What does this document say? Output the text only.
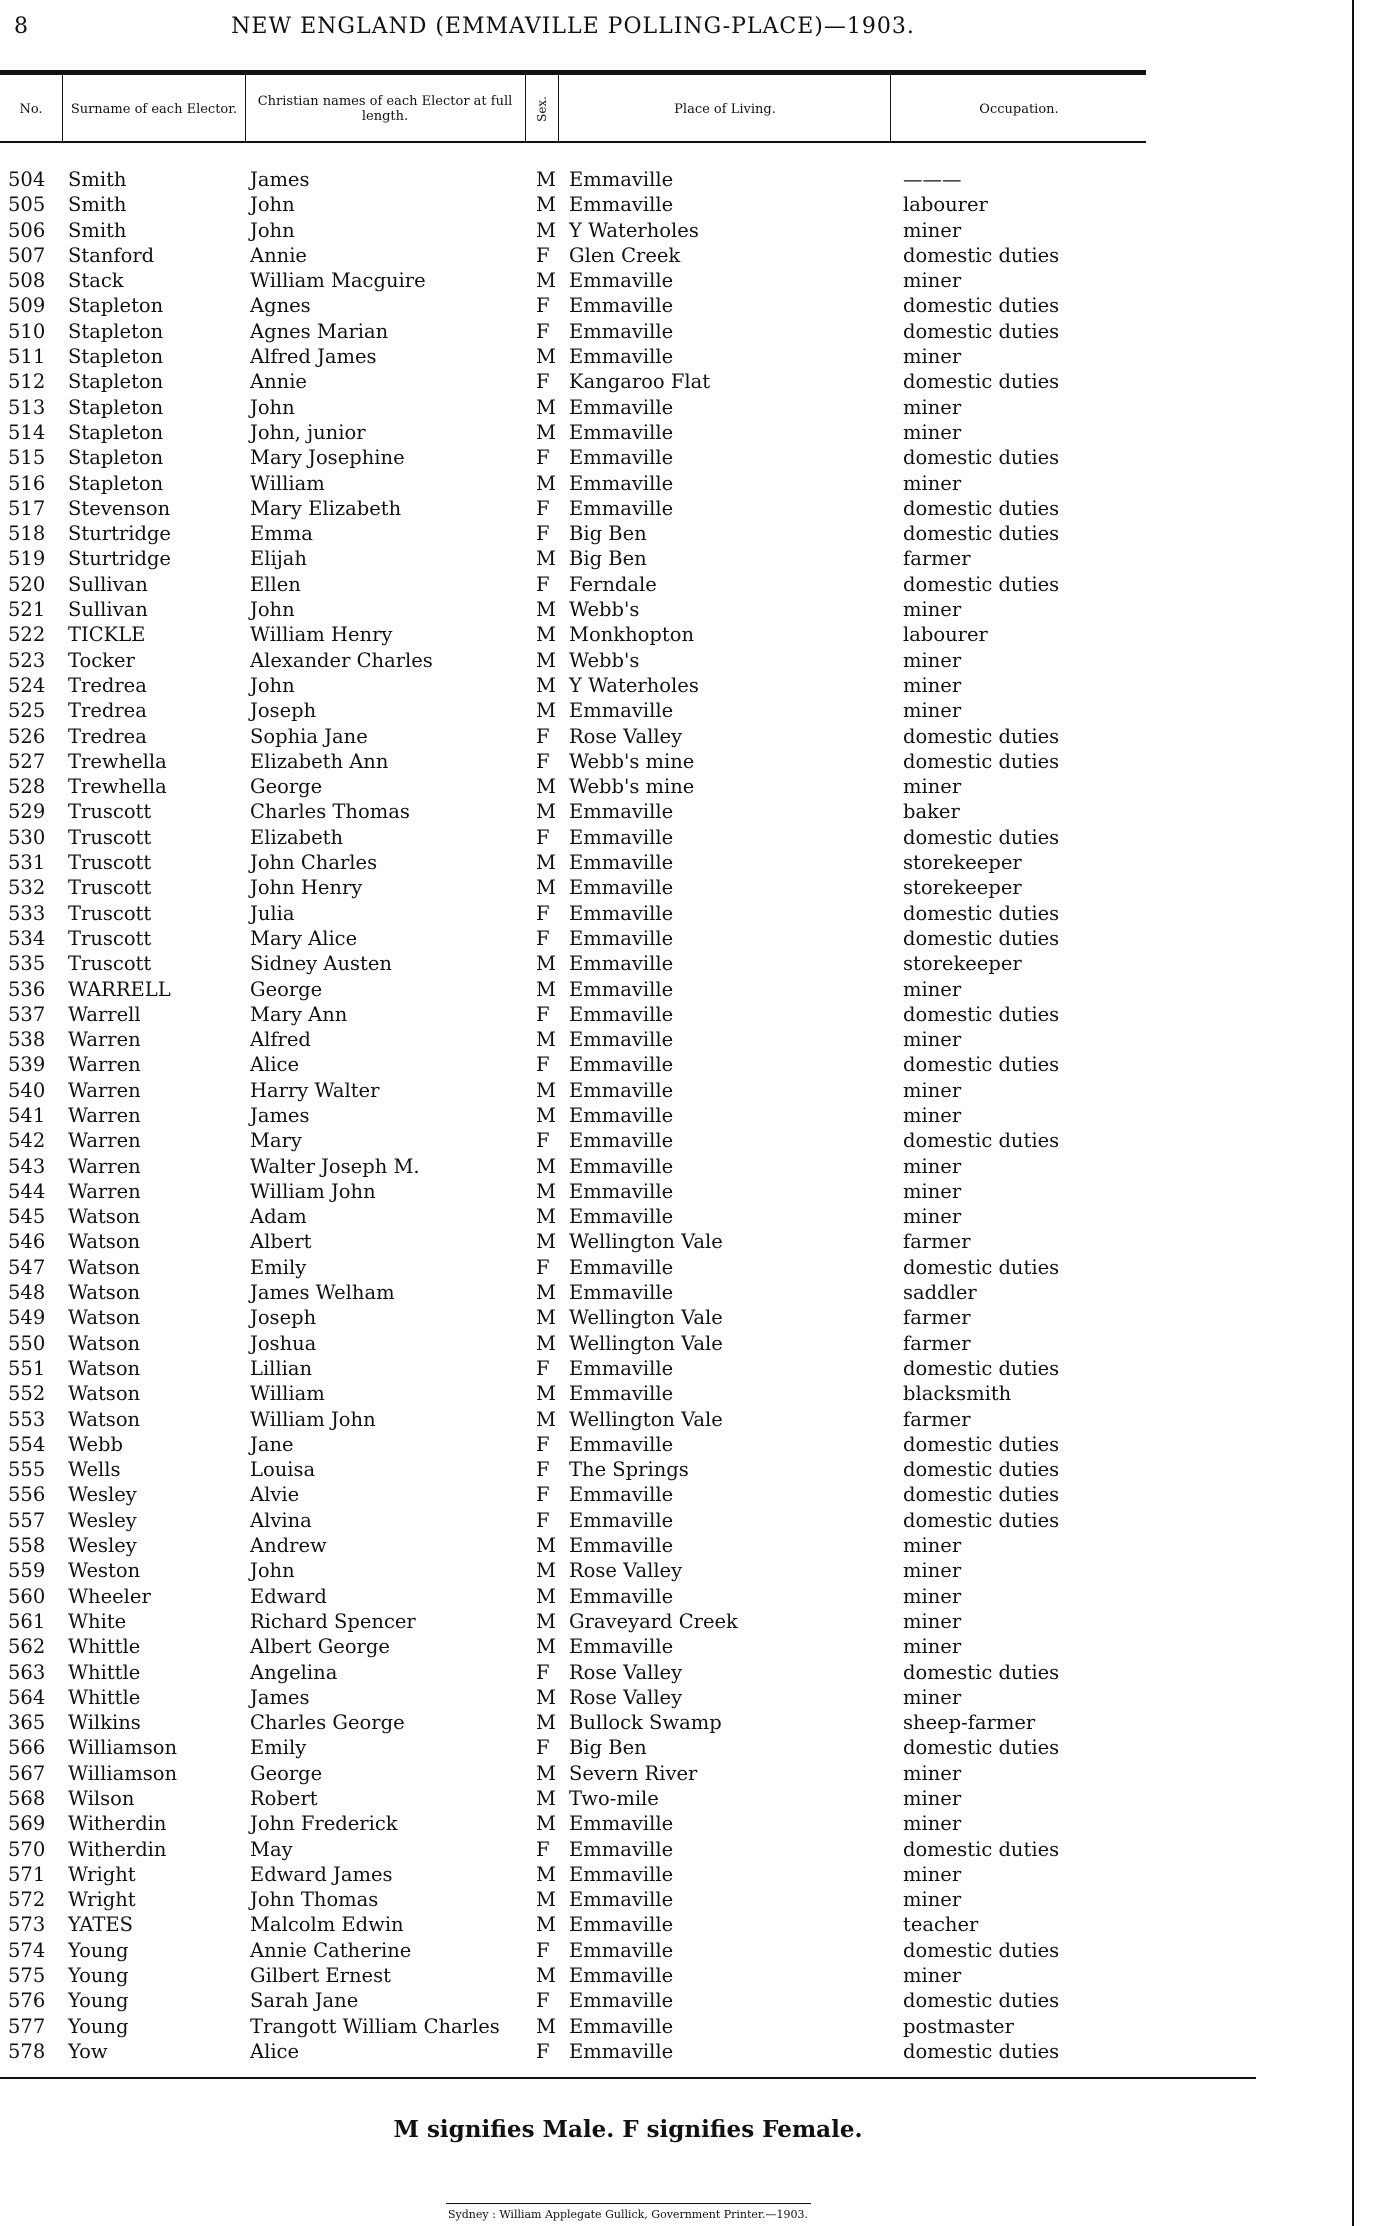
8	NEW ENGLAND (EMMAVILLE POLLING-PLACE)—1903.
No.	Surname of each Elector.	Christian names of each Elector at full length.	Sex.	Place of Living.	Occupation.
504 Smith	James	M Emmaville	———
505 Smith	John	M Emmaville	labourer
506 Smith	John	M Y Waterholes	miner
507 Stanford	Annie	F Glen Creek	domestic duties
508 Stack	William Macguire	M Emmaville	miner
509 Stapleton	Agnes	F Emmaville	domestic duties
510 Stapleton	Agnes Marian	F Emmaville	domestic duties
511 Stapleton	Alfred James	M Emmaville	miner
512 Stapleton	Annie	F Kangaroo Flat	domestic duties
513 Stapleton	John	M Emmaville	miner
514 Stapleton	John, junior	M Emmaville	miner
515 Stapleton	Mary Josephine	F Emmaville	domestic duties
516 Stapleton	William	M Emmaville	miner
517 Stevenson	Mary Elizabeth	F Emmaville	domestic duties
518 Sturtridge	Emma	F Big Ben	domestic duties
519 Sturtridge	Elijah	M Big Ben	farmer
520 Sullivan	Ellen	F Ferndale	domestic duties
521 Sullivan	John	M Webb's	miner
522 TICKLE	William Henry	M Monkhopton	labourer
523 Tocker	Alexander Charles	M Webb's	miner
524 Tredrea	John	M Y Waterholes	miner
525 Tredrea	Joseph	M Emmaville	miner
526 Tredrea	Sophia Jane	F Rose Valley	domestic duties
527 Trewhella	Elizabeth Ann	F Webb's mine	domestic duties
528 Trewhella	George	M Webb's mine	miner
529 Truscott	Charles Thomas	M Emmaville	baker
530 Truscott	Elizabeth	F Emmaville	domestic duties
531 Truscott	John Charles	M Emmaville	storekeeper
532 Truscott	John Henry	M Emmaville	storekeeper
533 Truscott	Julia	F Emmaville	domestic duties
534 Truscott	Mary Alice	F Emmaville	domestic duties
535 Truscott	Sidney Austen	M Emmaville	storekeeper
536 WARRELL	George	M Emmaville	miner
537 Warrell	Mary Ann	F Emmaville	domestic duties
538 Warren	Alfred	M Emmaville	miner
539 Warren	Alice	F Emmaville	domestic duties
540 Warren	Harry Walter	M Emmaville	miner
541 Warren	James	M Emmaville	miner
542 Warren	Mary	F Emmaville	domestic duties
543 Warren	Walter Joseph M.	M Emmaville	miner
544 Warren	William John	M Emmaville	miner
545 Watson	Adam	M Emmaville	miner
546 Watson	Albert	M Wellington Vale	farmer
547 Watson	Emily	F Emmaville	domestic duties
548 Watson	James Welham	M Emmaville	saddler
549 Watson	Joseph	M Wellington Vale	farmer
550 Watson	Joshua	M Wellington Vale	farmer
551 Watson	Lillian	F Emmaville	domestic duties
552 Watson	William	M Emmaville	blacksmith
553 Watson	William John	M Wellington Vale	farmer
554 Webb	Jane	F Emmaville	domestic duties
555 Wells	Louisa	F The Springs	domestic duties
556 Wesley	Alvie	F Emmaville	domestic duties
557 Wesley	Alvina	F Emmaville	domestic duties
558 Wesley	Andrew	M Emmaville	miner
559 Weston	John	M Rose Valley	miner
560 Wheeler	Edward	M Emmaville	miner
561 White	Richard Spencer	M Graveyard Creek	miner
562 Whittle	Albert George	M Emmaville	miner
563 Whittle	Angelina	F Rose Valley	domestic duties
564 Whittle	James	M Rose Valley	miner
365 Wilkins	Charles George	M Bullock Swamp	sheep-farmer
566 Williamson	Emily	F Big Ben	domestic duties
567 Williamson	George	M Severn River	miner
568 Wilson	Robert	M Two-mile	miner
569 Witherdin	John Frederick	M Emmaville	miner
570 Witherdin	May	F Emmaville	domestic duties
571 Wright	Edward James	M Emmaville	miner
572 Wright	John Thomas	M Emmaville	miner
573 YATES	Malcolm Edwin	M Emmaville	teacher
574 Young	Annie Catherine	F Emmaville	domestic duties
575 Young	Gilbert Ernest	M Emmaville	miner
576 Young	Sarah Jane	F Emmaville	domestic duties
577 Young	Trangott William Charles M Emmaville	postmaster
578 Yow	Alice	F Emmaville	domestic duties
M signifies Male. F signifies Female.
Sydney : William Applegate Gullick, Government Printer.—1903.
